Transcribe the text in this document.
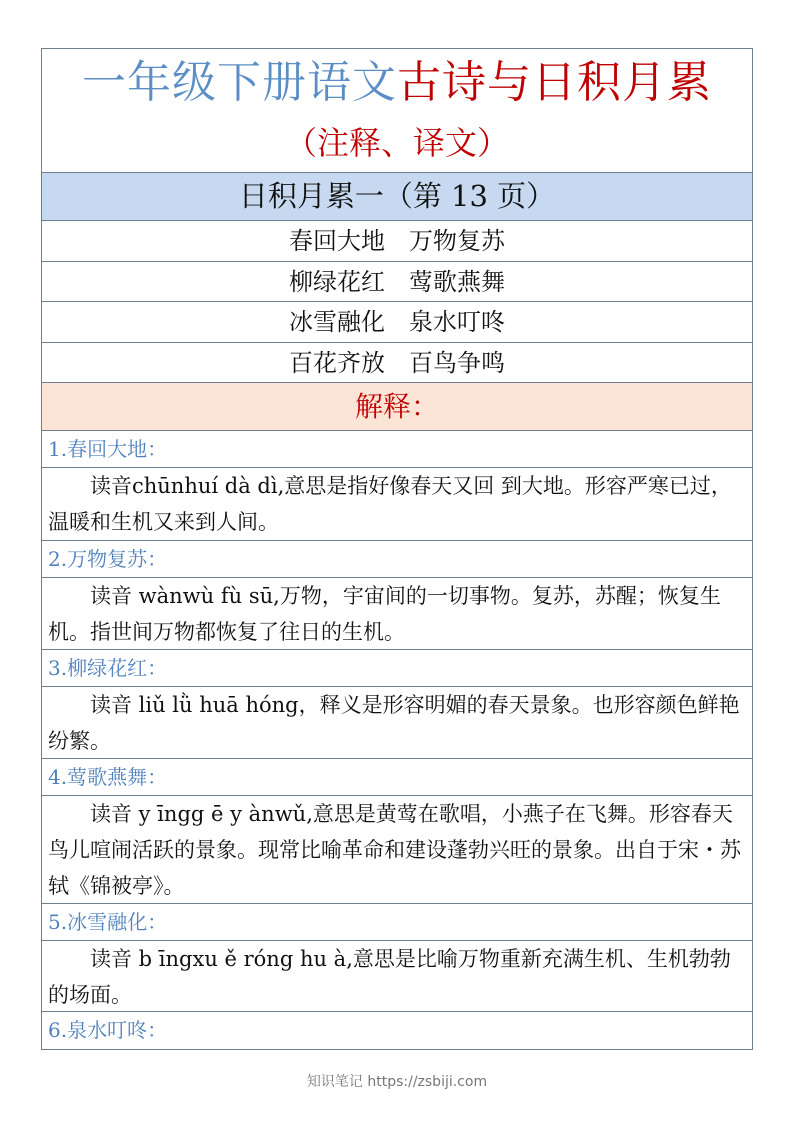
一年级下册语文古诗与日积月累
（注释、译文）
日积月累一（第 13 页）
春回大地　万物复苏
柳绿花红　莺歌燕舞
冰雪融化　泉水叮咚
百花齐放　百鸟争鸣
解释：
1.春回大地：
读音chūnhuí dà dì,意思是指好像春天又回 到大地。形容严寒已过，温暖和生机又来到人间。
2.万物复苏：
读音 wànwù fù sū,万物，宇宙间的一切事物。复苏，苏醒；恢复生机。指世间万物都恢复了往日的生机。
3.柳绿花红：
读音 liǔ lǜ huā hóng，释义是形容明媚的春天景象。也形容颜色鲜艳纷繁。
4.莺歌燕舞：
读音 y īngg ē y ànwǔ,意思是黄莺在歌唱，小燕子在飞舞。形容春天鸟儿喧闹活跃的景象。现常比喻革命和建设蓬勃兴旺的景象。出自于宋・苏轼《锦被亭》。
5.冰雪融化：
读音 b īngxu ě róng hu à,意思是比喻万物重新充满生机、生机勃勃的场面。
6.泉水叮咚：
知识笔记 https://zsbiji.com
